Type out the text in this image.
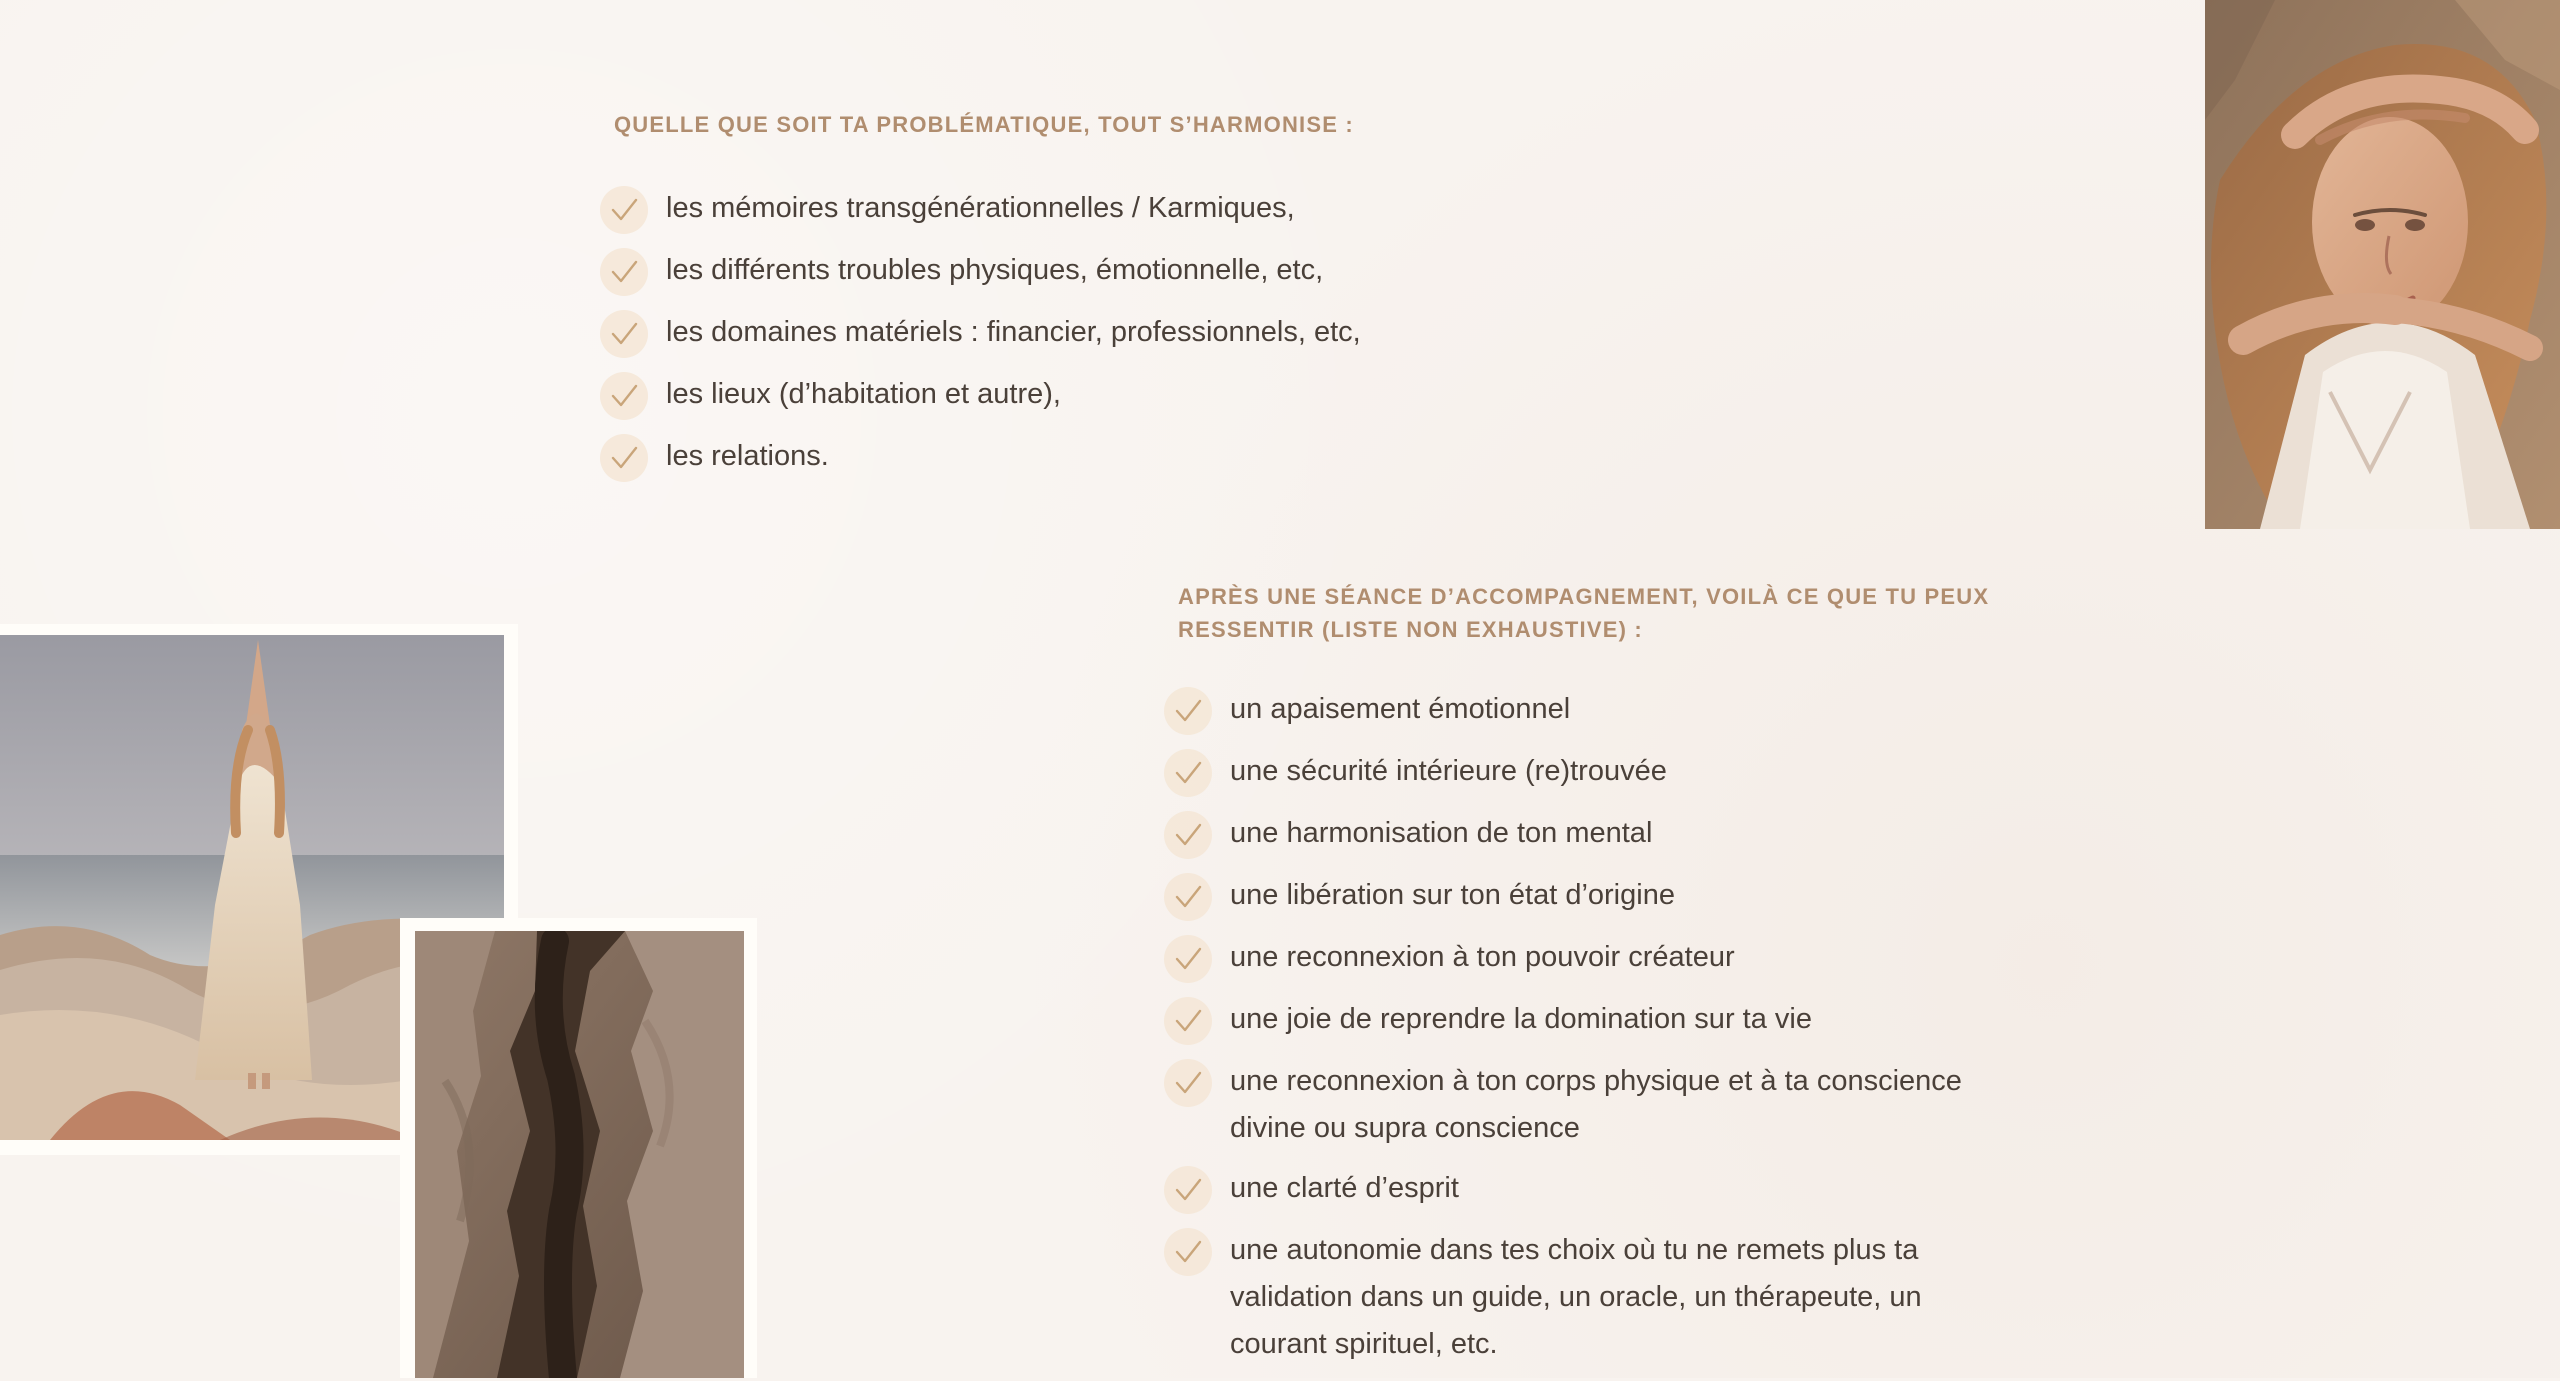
QUELLE QUE SOIT TA PROBLÉMATIQUE, TOUT S’HARMONISE :
les mémoires transgénérationnelles / Karmiques,
les différents troubles physiques, émotionnelle, etc,
les domaines matériels : financier, professionnels, etc,
les lieux (d’habitation et autre),
les relations.
APRÈS UNE SÉANCE D’ACCOMPAGNEMENT, VOILÀ CE QUE TU PEUX RESSENTIR (LISTE NON EXHAUSTIVE) :
un apaisement émotionnel
une sécurité intérieure (re)trouvée
une harmonisation de ton mental
une libération sur ton état d’origine
une reconnexion à ton pouvoir créateur
une joie de reprendre la domination sur ta vie
une reconnexion à ton corps physique et à ta conscience divine ou supra conscience
une clarté d’esprit
une autonomie dans tes choix où tu ne remets plus ta validation dans un guide, un oracle, un thérapeute, un courant spirituel, etc.
